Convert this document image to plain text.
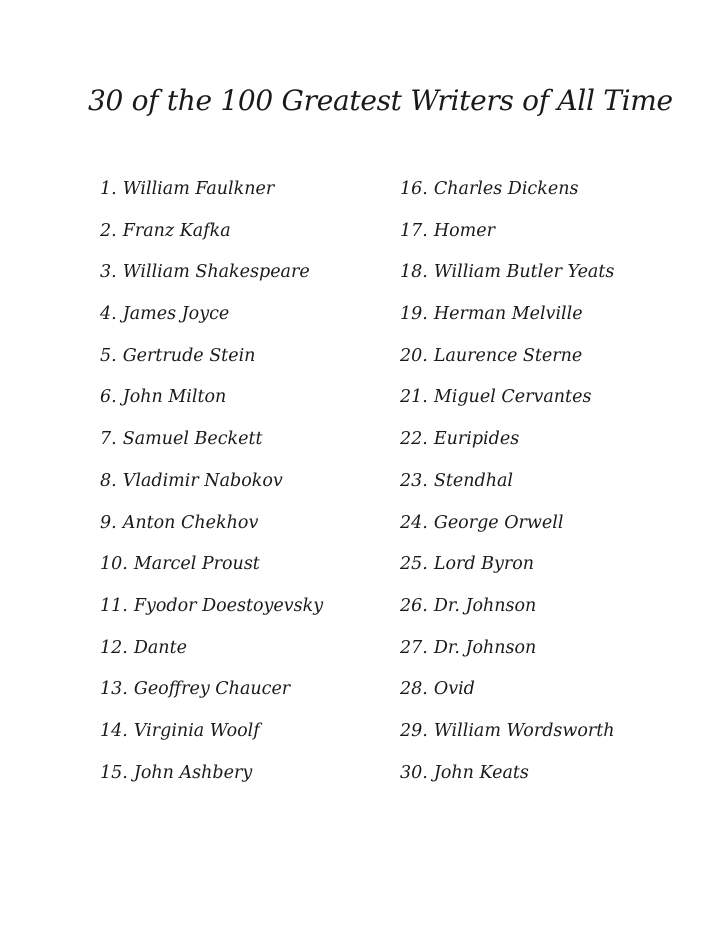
30 of the 100 Greatest Writers of All Time
1. William Faulkner
2. Franz Kafka
3. William Shakespeare
4. James Joyce
5. Gertrude Stein
6. John Milton
7. Samuel Beckett
8. Vladimir Nabokov
9. Anton Chekhov
10. Marcel Proust
11. Fyodor Doestoyevsky
12. Dante
13. Geoffrey Chaucer
14. Virginia Woolf
15. John Ashbery
16. Charles Dickens
17. Homer
18. William Butler Yeats
19. Herman Melville
20. Laurence Sterne
21. Miguel Cervantes
22. Euripides
23. Stendhal
24. George Orwell
25. Lord Byron
26. Dr. Johnson
27. Dr. Johnson
28. Ovid
29. William Wordsworth
30. John Keats
